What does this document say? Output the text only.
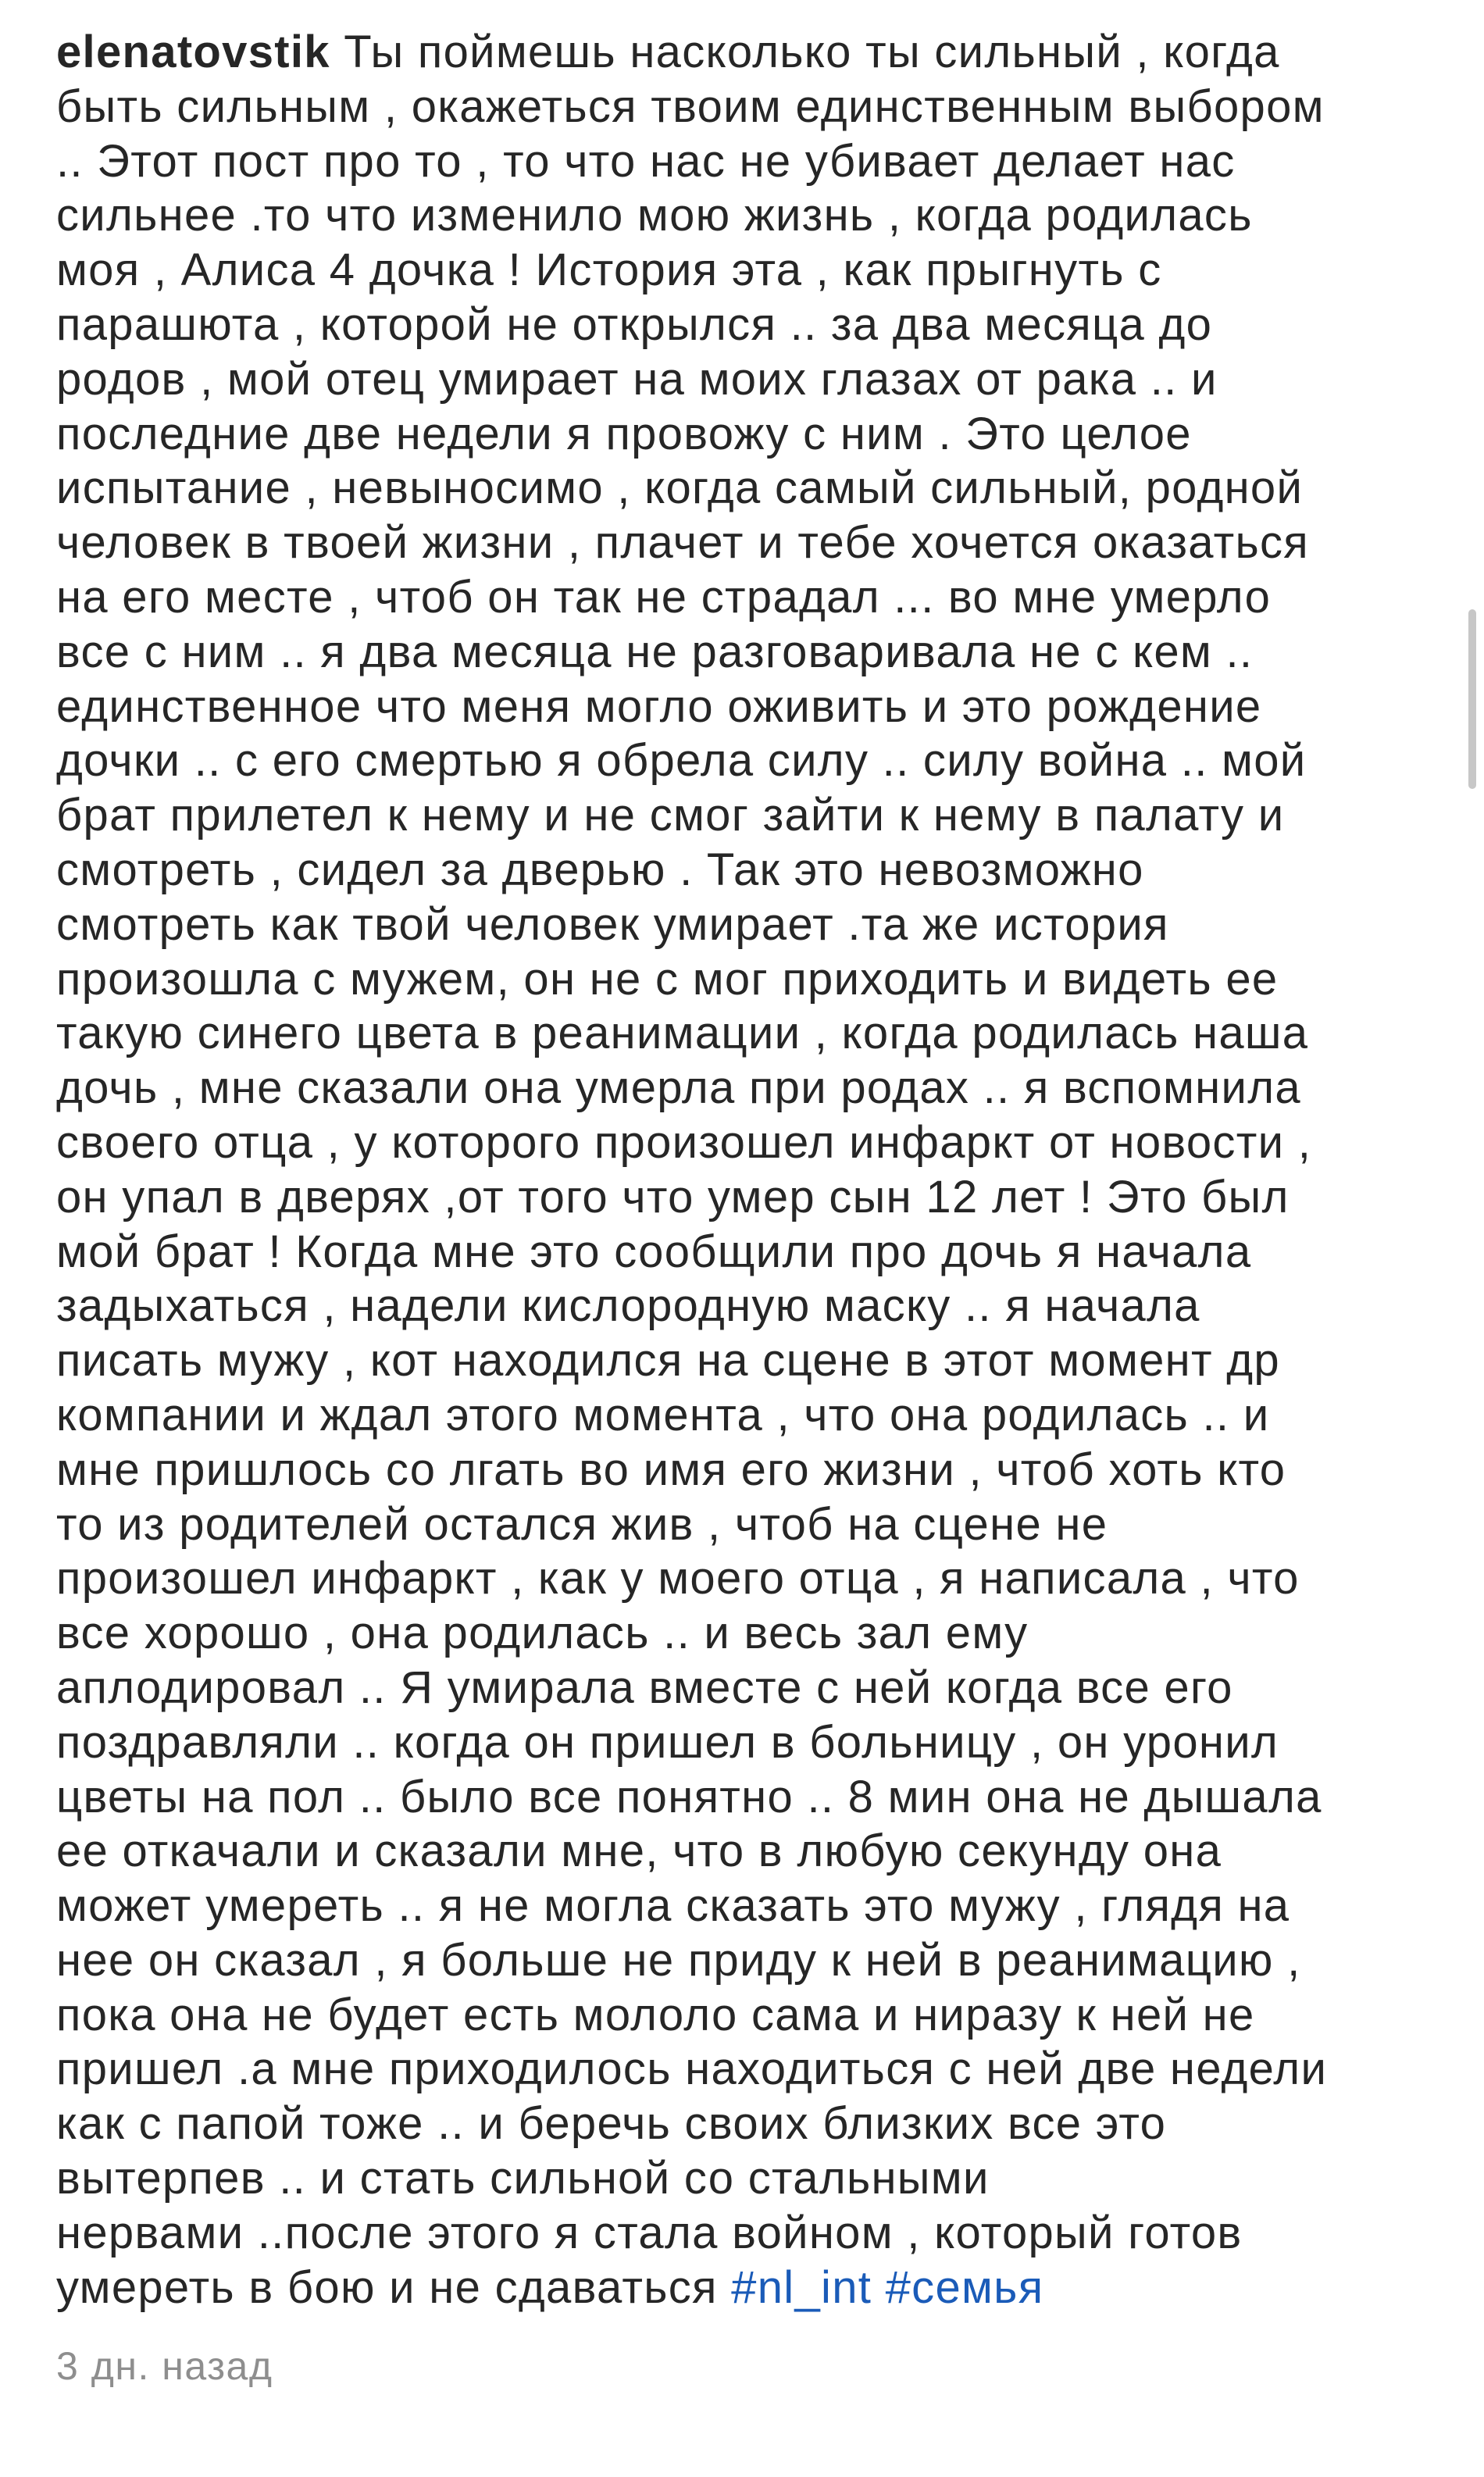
elenatovstik Ты поймешь насколько ты сильный , когда
быть сильным , окажеться твоим единственным выбором
.. Этот пост про то , то что нас не убивает делает нас
сильнее .то что изменило мою жизнь , когда родилась
моя , Алиса 4 дочка ! История эта , как прыгнуть с
парашюта , которой не открылся .. за два месяца до
родов , мой отец умирает на моих глазах от рака .. и
последние две недели я провожу с ним . Это целое
испытание , невыносимо , когда самый сильный, родной
человек в твоей жизни , плачет и тебе хочется оказаться
на его месте , чтоб он так не страдал ... во мне умерло
все с ним .. я два месяца не разговаривала не с кем ..
единственное что меня могло оживить и это рождение
дочки .. с его смертью я обрела силу .. силу война .. мой
брат прилетел к нему и не смог зайти к нему в палату и
смотреть , сидел за дверью . Так это невозможно
смотреть как твой человек умирает .та же история
произошла с мужем, он не с мог приходить и видеть ее
такую синего цвета в реанимации , когда родилась наша
дочь , мне сказали она умерла при родах .. я вспомнила
своего отца , у которого произошел инфаркт от новости ,
он упал в дверях ,от того что умер сын 12 лет ! Это был
мой брат ! Когда мне это сообщили про дочь я начала
задыхаться , надели кислородную маску .. я начала
писать мужу , кот находился на сцене в этот момент др
компании и ждал этого момента , что она родилась .. и
мне пришлось со лгать во имя его жизни , чтоб хоть кто
то из родителей остался жив , чтоб на сцене не
произошел инфаркт , как у моего отца , я написала , что
все хорошо , она родилась .. и весь зал ему
аплодировал .. Я умирала вместе с ней когда все его
поздравляли .. когда он пришел в больницу , он уронил
цветы на пол .. было все понятно .. 8 мин она не дышала
ее откачали и сказали мне, что в любую секунду она
может умереть .. я не могла сказать это мужу , глядя на
нее он сказал , я больше не приду к ней в реанимацию ,
пока она не будет есть мололо сама и ниразу к ней не
пришел .а мне приходилось находиться с ней две недели
как с папой тоже .. и беречь своих близких все это
вытерпев .. и стать сильной со стальными
нервами ..после этого я стала войном , который готов
умереть в бою и не сдаваться #nl_int #семья

3 дн. назад
